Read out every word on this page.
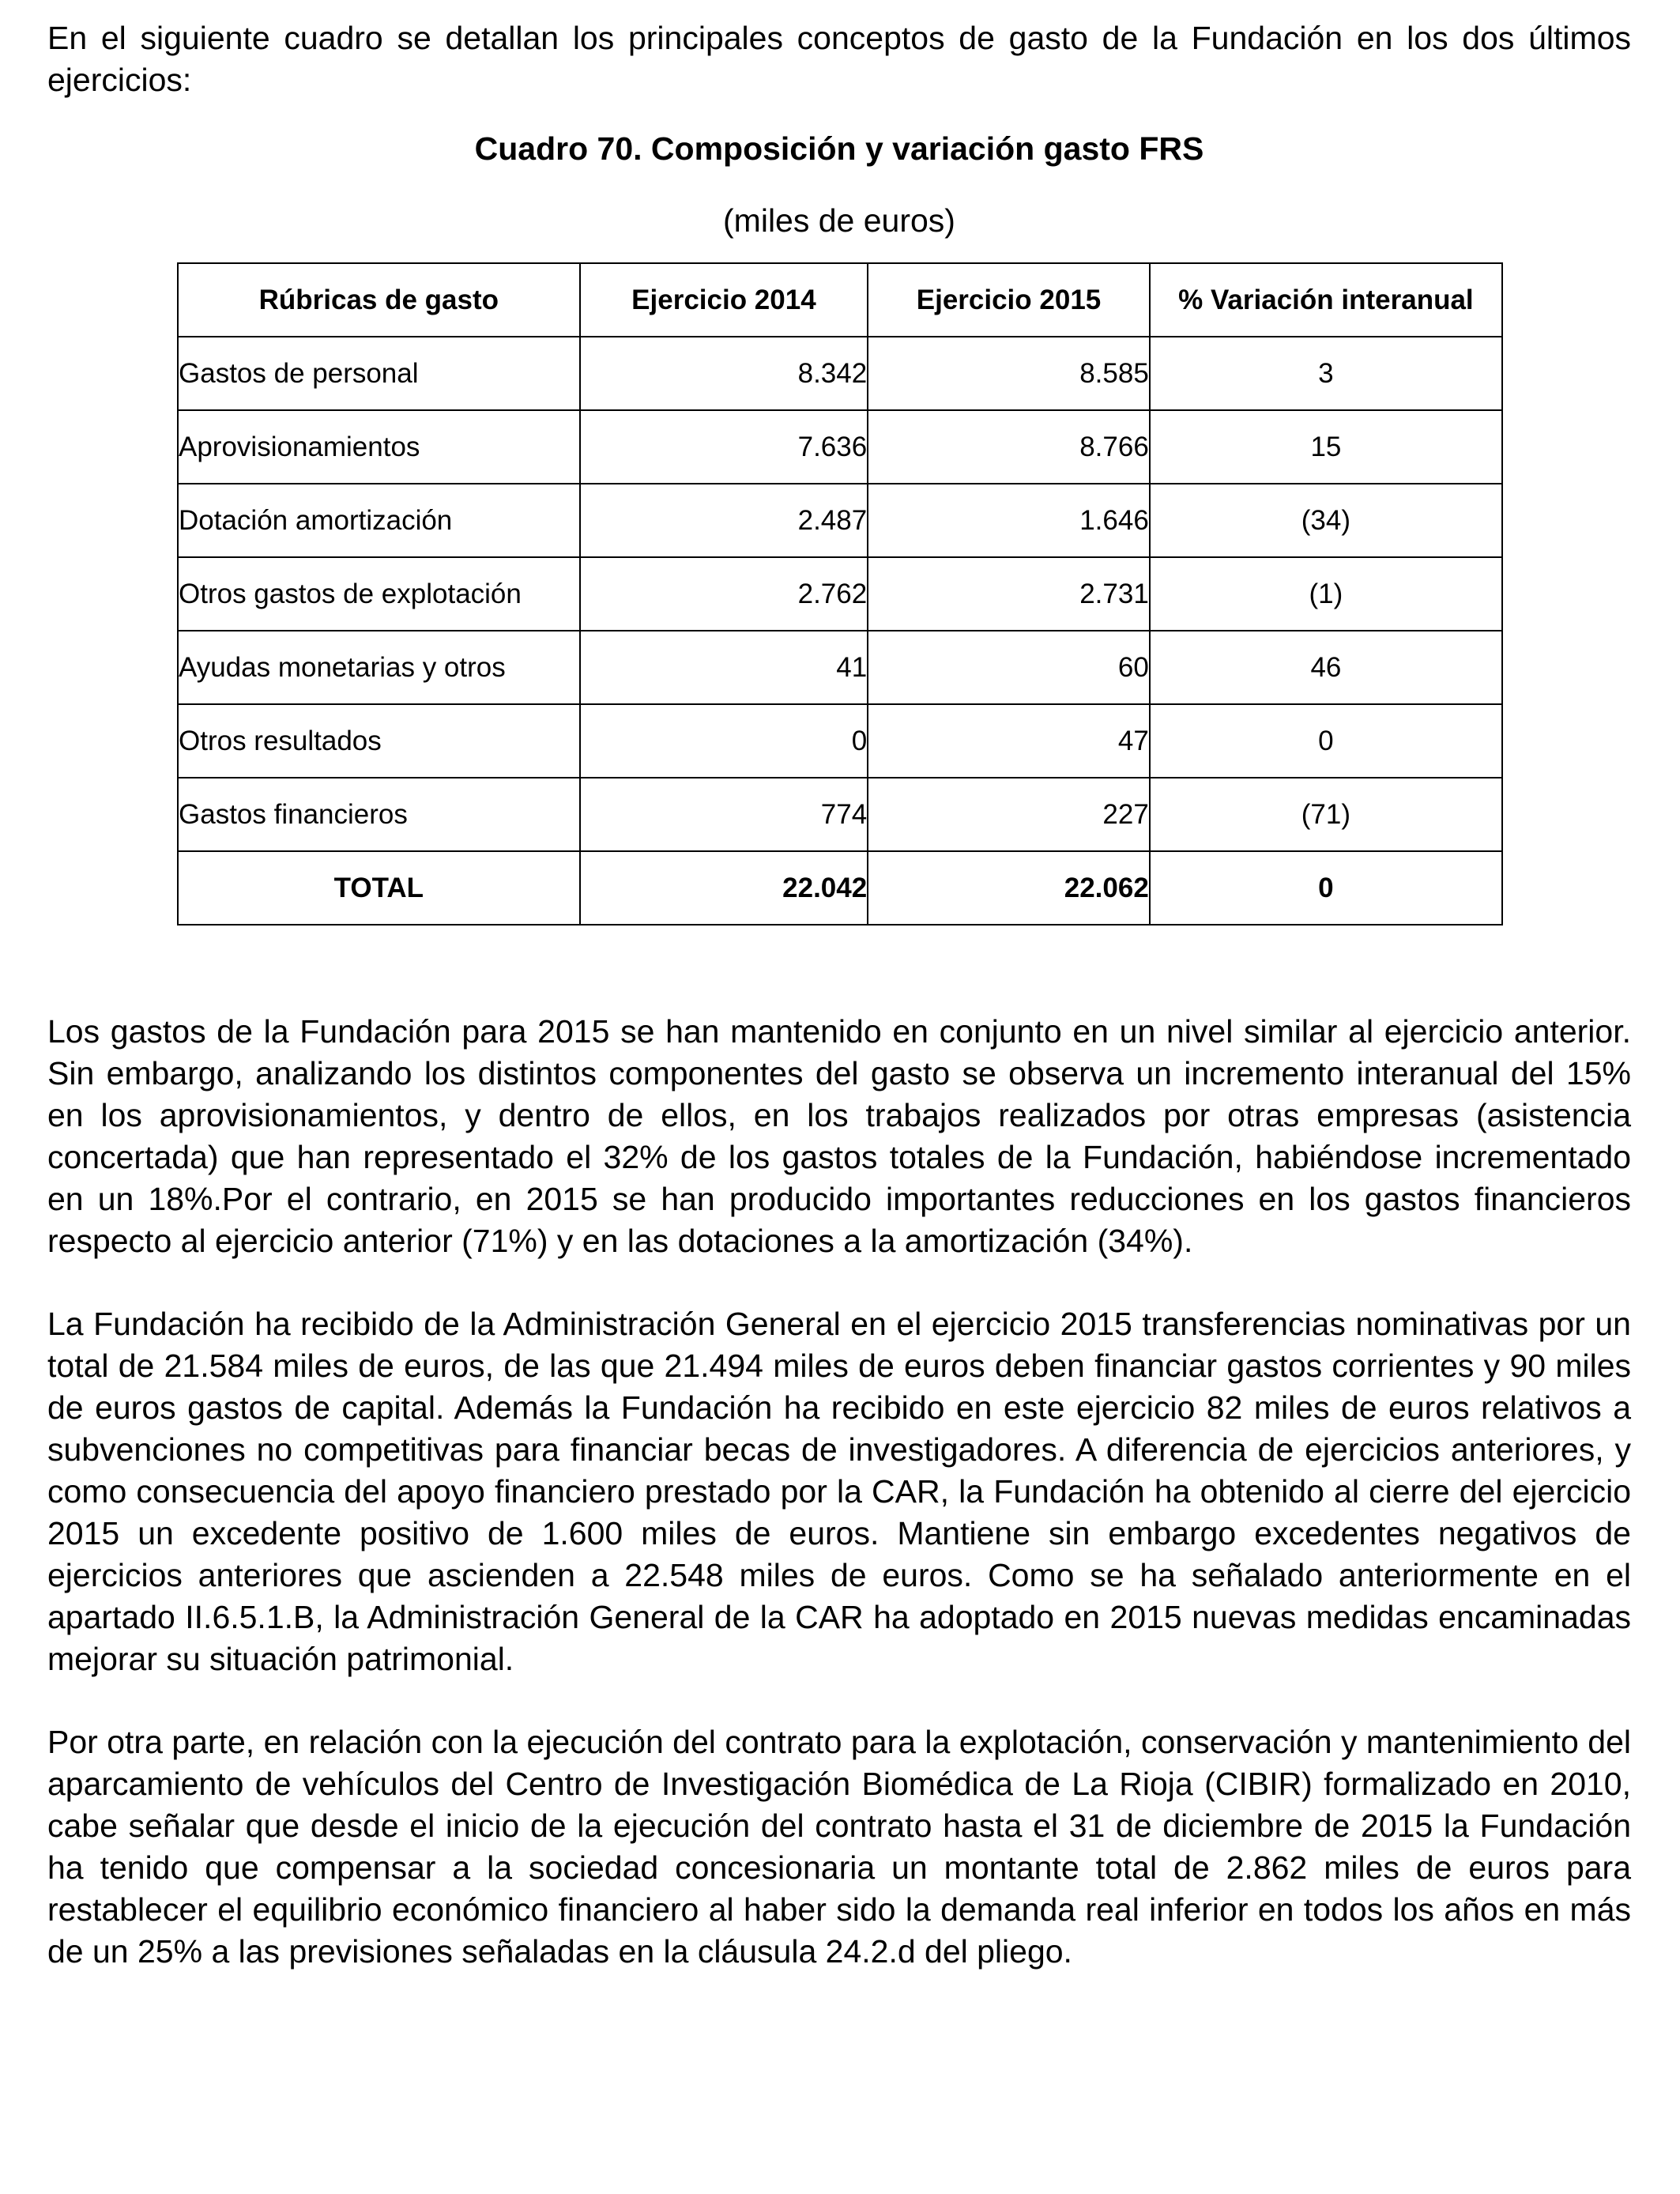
En el siguiente cuadro se detallan los principales conceptos de gasto de la Fundación en los dos últimos ejercicios:

Cuadro 70. Composición y variación gasto FRS

(miles de euros)

Rúbricas de gasto	Ejercicio 2014	Ejercicio 2015	% Variación interanual
Gastos de personal	8.342	8.585	3
Aprovisionamientos	7.636	8.766	15
Dotación amortización	2.487	1.646	(34)
Otros gastos de explotación	2.762	2.731	(1)
Ayudas monetarias y otros	41	60	46
Otros resultados	0	47	0
Gastos financieros	774	227	(71)
TOTAL	22.042	22.062	0

Los gastos de la Fundación para 2015 se han mantenido en conjunto en un nivel similar al ejercicio anterior. Sin embargo, analizando los distintos componentes del gasto se observa un incremento interanual del 15% en los aprovisionamientos, y dentro de ellos, en los trabajos realizados por otras empresas (asistencia concertada) que han representado el 32% de los gastos totales de la Fundación, habiéndose incrementado en un 18%.Por el contrario, en 2015 se han producido importantes reducciones en los gastos financieros respecto al ejercicio anterior (71%) y en las dotaciones a la amortización (34%).

La Fundación ha recibido de la Administración General en el ejercicio 2015 transferencias nominativas por un total de 21.584 miles de euros, de las que 21.494 miles de euros deben financiar gastos corrientes y 90 miles de euros gastos de capital. Además la Fundación ha recibido en este ejercicio 82 miles de euros relativos a subvenciones no competitivas para financiar becas de investigadores. A diferencia de ejercicios anteriores, y como consecuencia del apoyo financiero prestado por la CAR, la Fundación ha obtenido al cierre del ejercicio 2015 un excedente positivo de 1.600 miles de euros. Mantiene sin embargo excedentes negativos de ejercicios anteriores que ascienden a 22.548 miles de euros. Como se ha señalado anteriormente en el apartado II.6.5.1.B, la Administración General de la CAR ha adoptado en 2015 nuevas medidas encaminadas mejorar su situación patrimonial.

Por otra parte, en relación con la ejecución del contrato para la explotación, conservación y mantenimiento del aparcamiento de vehículos del Centro de Investigación Biomédica de La Rioja (CIBIR) formalizado en 2010, cabe señalar que desde el inicio de la ejecución del contrato hasta el 31 de diciembre de 2015 la Fundación ha tenido que compensar a la sociedad concesionaria un montante total de 2.862 miles de euros para restablecer el equilibrio económico financiero al haber sido la demanda real inferior en todos los años en más de un 25% a las previsiones señaladas en la cláusula 24.2.d del pliego.
